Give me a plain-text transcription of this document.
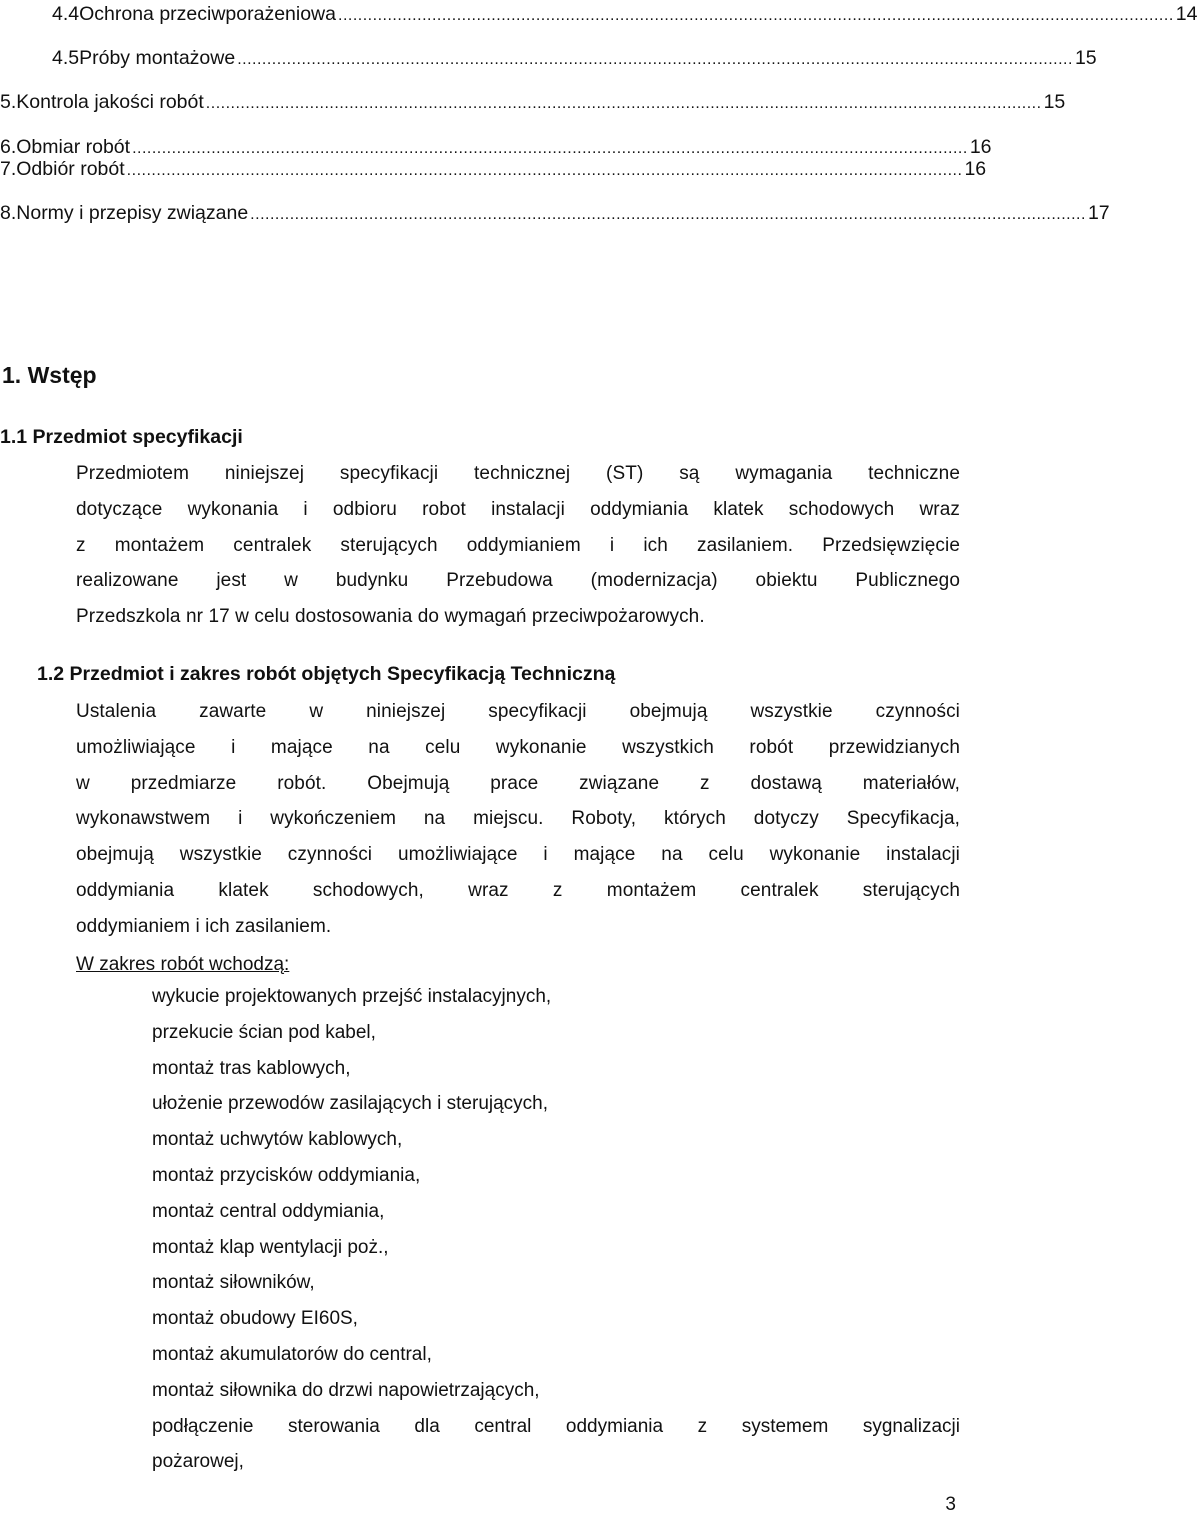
4.4 Ochrona przeciwporażeniowa ......................................................................................................................................................................... 14
4.5 Próby montażowe ......................................................................................................................................................................... 15
5. Kontrola jakości robót ......................................................................................................................................................................... 15
6. Obmiar robót ......................................................................................................................................................................... 16
7. Odbiór robót ......................................................................................................................................................................... 16
8. Normy i przepisy związane ......................................................................................................................................................................... 17
1. Wstęp
1.1 Przedmiot specyfikacji
Przedmiotem niniejszej specyfikacji technicznej (ST) są wymagania techniczne
dotyczące wykonania i odbioru robot instalacji oddymiania klatek schodowych wraz
z montażem centralek sterujących oddymianiem i ich zasilaniem. Przedsięwzięcie
realizowane jest w budynku Przebudowa (modernizacja) obiektu Publicznego
Przedszkola nr 17 w celu dostosowania do wymagań przeciwpożarowych.
1.2 Przedmiot i zakres robót objętych Specyfikacją Techniczną
Ustalenia zawarte w niniejszej specyfikacji obejmują wszystkie czynności
umożliwiające i mające na celu wykonanie wszystkich robót przewidzianych
w przedmiarze robót. Obejmują prace związane z dostawą materiałów,
wykonawstwem i wykończeniem na miejscu. Roboty, których dotyczy Specyfikacja,
obejmują wszystkie czynności umożliwiające i mające na celu wykonanie instalacji
oddymiania klatek schodowych, wraz z montażem centralek sterujących
oddymianiem i ich zasilaniem.
W zakres robót wchodzą:
wykucie projektowanych przejść instalacyjnych,
przekucie ścian pod kabel,
montaż tras kablowych,
ułożenie przewodów zasilających i sterujących,
montaż uchwytów kablowych,
montaż przycisków oddymiania,
montaż central oddymiania,
montaż klap wentylacji poż.,
montaż siłowników,
montaż obudowy EI60S,
montaż akumulatorów do central,
montaż siłownika do drzwi napowietrzających,
podłączenie sterowania dla central oddymiania z systemem sygnalizacji
pożarowej,
3
